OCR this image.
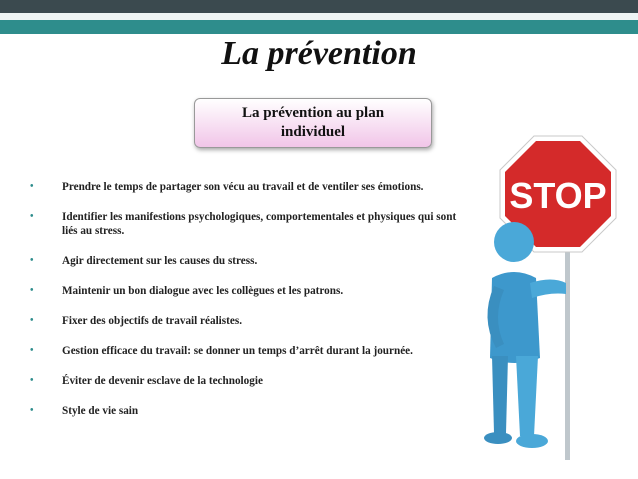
La prévention
La prévention au plan individuel
•	Prendre le temps de partager son vécu au travail et de ventiler ses émotions.
•	Identifier les manifestions psychologiques, comportementales et physiques qui sont liés au stress.
•	Agir directement sur les causes du stress.
•	Maintenir un bon dialogue avec les collègues et les patrons.
•	Fixer des objectifs de travail réalistes.
•	Gestion efficace du travail: se donner un temps d’arrêt durant la journée.
•	Éviter de devenir esclave de la technologie
•	Style de vie sain
STOP
